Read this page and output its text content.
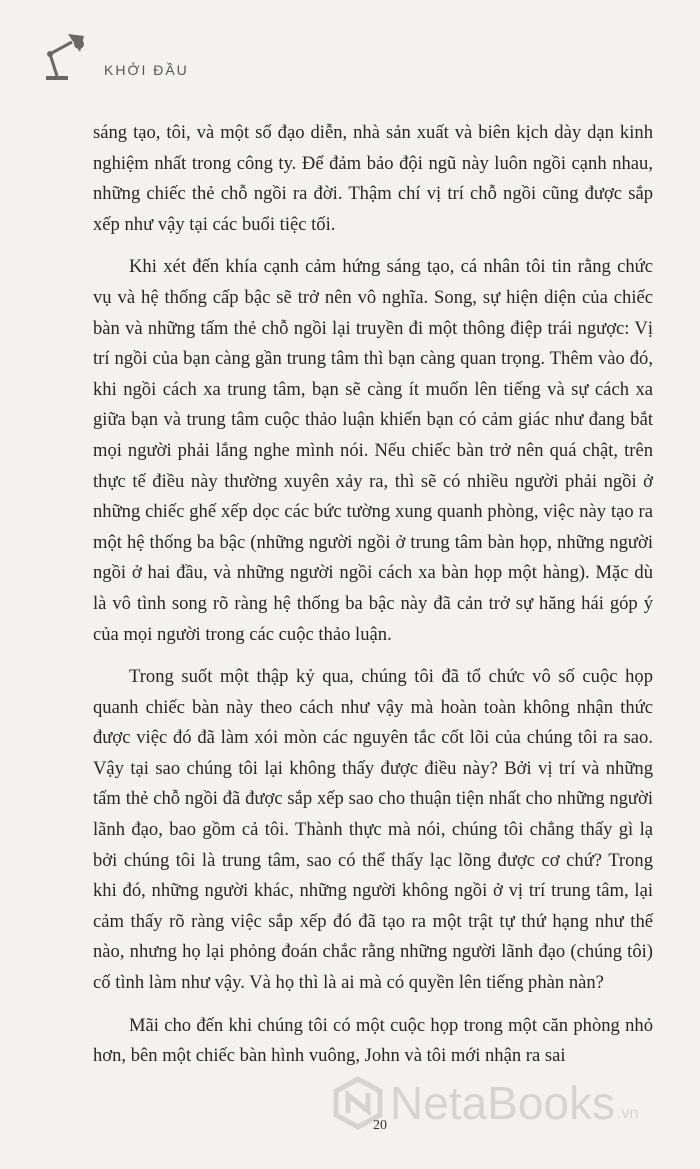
KHỞI ĐẦU

sáng tạo, tôi, và một số đạo diễn, nhà sản xuất và biên kịch dày dạn kinh nghiệm nhất trong công ty. Để đảm bảo đội ngũ này luôn ngồi cạnh nhau, những chiếc thẻ chỗ ngồi ra đời. Thậm chí vị trí chỗ ngồi cũng được sắp xếp như vậy tại các buổi tiệc tối.

Khi xét đến khía cạnh cảm hứng sáng tạo, cá nhân tôi tin rằng chức vụ và hệ thống cấp bậc sẽ trở nên vô nghĩa. Song, sự hiện diện của chiếc bàn và những tấm thẻ chỗ ngồi lại truyền đi một thông điệp trái ngược: Vị trí ngồi của bạn càng gần trung tâm thì bạn càng quan trọng. Thêm vào đó, khi ngồi cách xa trung tâm, bạn sẽ càng ít muốn lên tiếng và sự cách xa giữa bạn và trung tâm cuộc thảo luận khiến bạn có cảm giác như đang bắt mọi người phải lắng nghe mình nói. Nếu chiếc bàn trở nên quá chật, trên thực tế điều này thường xuyên xảy ra, thì sẽ có nhiều người phải ngồi ở những chiếc ghế xếp dọc các bức tường xung quanh phòng, việc này tạo ra một hệ thống ba bậc (những người ngồi ở trung tâm bàn họp, những người ngồi ở hai đầu, và những người ngồi cách xa bàn họp một hàng). Mặc dù là vô tình song rõ ràng hệ thống ba bậc này đã cản trở sự hăng hái góp ý của mọi người trong các cuộc thảo luận.

Trong suốt một thập kỷ qua, chúng tôi đã tổ chức vô số cuộc họp quanh chiếc bàn này theo cách như vậy mà hoàn toàn không nhận thức được việc đó đã làm xói mòn các nguyên tắc cốt lõi của chúng tôi ra sao. Vậy tại sao chúng tôi lại không thấy được điều này? Bởi vị trí và những tấm thẻ chỗ ngồi đã được sắp xếp sao cho thuận tiện nhất cho những người lãnh đạo, bao gồm cả tôi. Thành thực mà nói, chúng tôi chẳng thấy gì lạ bởi chúng tôi là trung tâm, sao có thể thấy lạc lõng được cơ chứ? Trong khi đó, những người khác, những người không ngồi ở vị trí trung tâm, lại cảm thấy rõ ràng việc sắp xếp đó đã tạo ra một trật tự thứ hạng như thế nào, nhưng họ lại phỏng đoán chắc rằng những người lãnh đạo (chúng tôi) cố tình làm như vậy. Và họ thì là ai mà có quyền lên tiếng phàn nàn?

Mãi cho đến khi chúng tôi có một cuộc họp trong một căn phòng nhỏ hơn, bên một chiếc bàn hình vuông, John và tôi mới nhận ra sai

NetaBooks .vn
20
